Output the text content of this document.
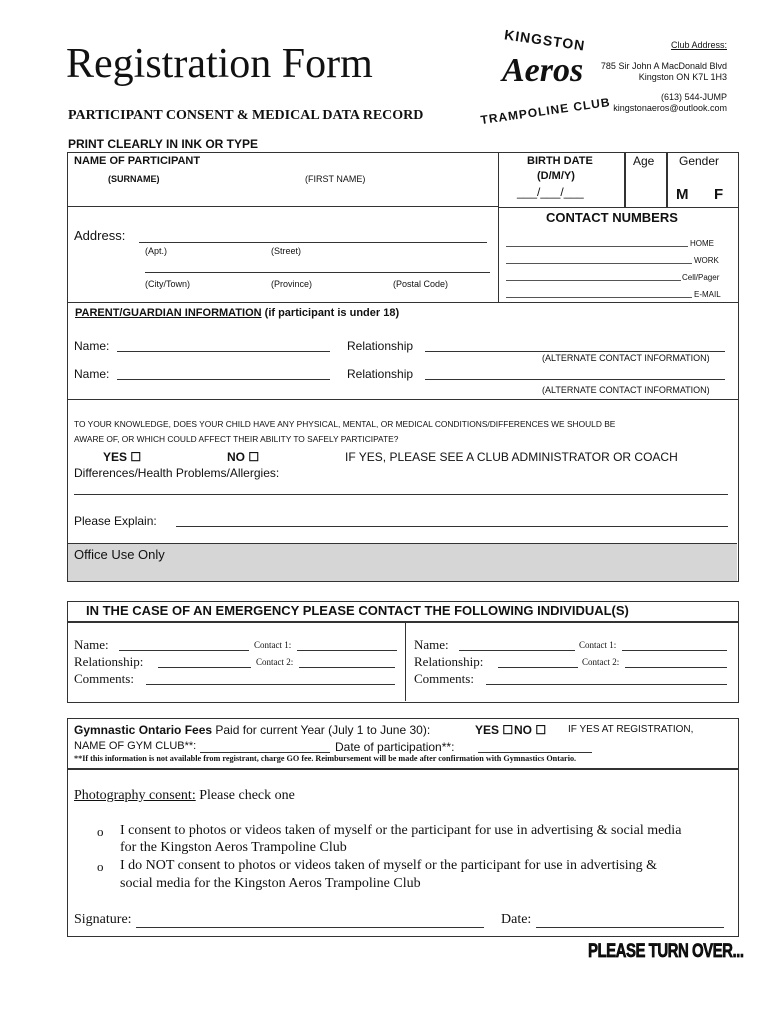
Registration Form
PARTICIPANT CONSENT & MEDICAL DATA RECORD
PRINT CLEARLY IN INK OR TYPE
KINGSTON
Aeros
TRAMPOLINE CLUB
Club Address:
785 Sir John A MacDonald Blvd
Kingston ON K7L 1H3
(613) 544-JUMP
kingstonaeros@outlook.com
NAME OF PARTICIPANT
(SURNAME)	(FIRST NAME)
BIRTH DATE
(D/M/Y)
___/___/___
Age Gender
M F
Address:
(Apt.)	(Street)
(City/Town)	(Province)	(Postal Code)
CONTACT NUMBERS
HOME
WORK
Cell/Pager
E-MAIL
PARENT/GUARDIAN INFORMATION (if participant is under 18)
Name:	Relationship
(ALTERNATE CONTACT INFORMATION)
Name:	Relationship
(ALTERNATE CONTACT INFORMATION)
TO YOUR KNOWLEDGE, DOES YOUR CHILD HAVE ANY PHYSICAL, MENTAL, OR MEDICAL CONDITIONS/DIFFERENCES WE SHOULD BE
AWARE OF, OR WHICH COULD AFFECT THEIR ABILITY TO SAFELY PARTICIPATE?
YES ☐	NO ☐	IF YES, PLEASE SEE A CLUB ADMINISTRATOR OR COACH
Differences/Health Problems/Allergies:
Please Explain:
Office Use Only
IN THE CASE OF AN EMERGENCY PLEASE CONTACT THE FOLLOWING INDIVIDUAL(S)
Name:	Contact 1:
Relationship:	Contact 2:
Comments:
Name:	Contact 1:
Relationship:	Contact 2:
Comments:
Gymnastic Ontario Fees Paid for current Year (July 1 to June 30):	YES ☐ NO ☐ IF YES AT REGISTRATION,
NAME OF GYM CLUB**:	Date of participation**:
**If this information is not available from registrant, charge GO fee. Reimbursement will be made after confirmation with Gymnastics Ontario.
Photography consent: Please check one
o I consent to photos or videos taken of myself or the participant for use in advertising & social media
for the Kingston Aeros Trampoline Club
o I do NOT consent to photos or videos taken of myself or the participant for use in advertising &
social media for the Kingston Aeros Trampoline Club
Signature:	Date:
PLEASE TURN OVER...
